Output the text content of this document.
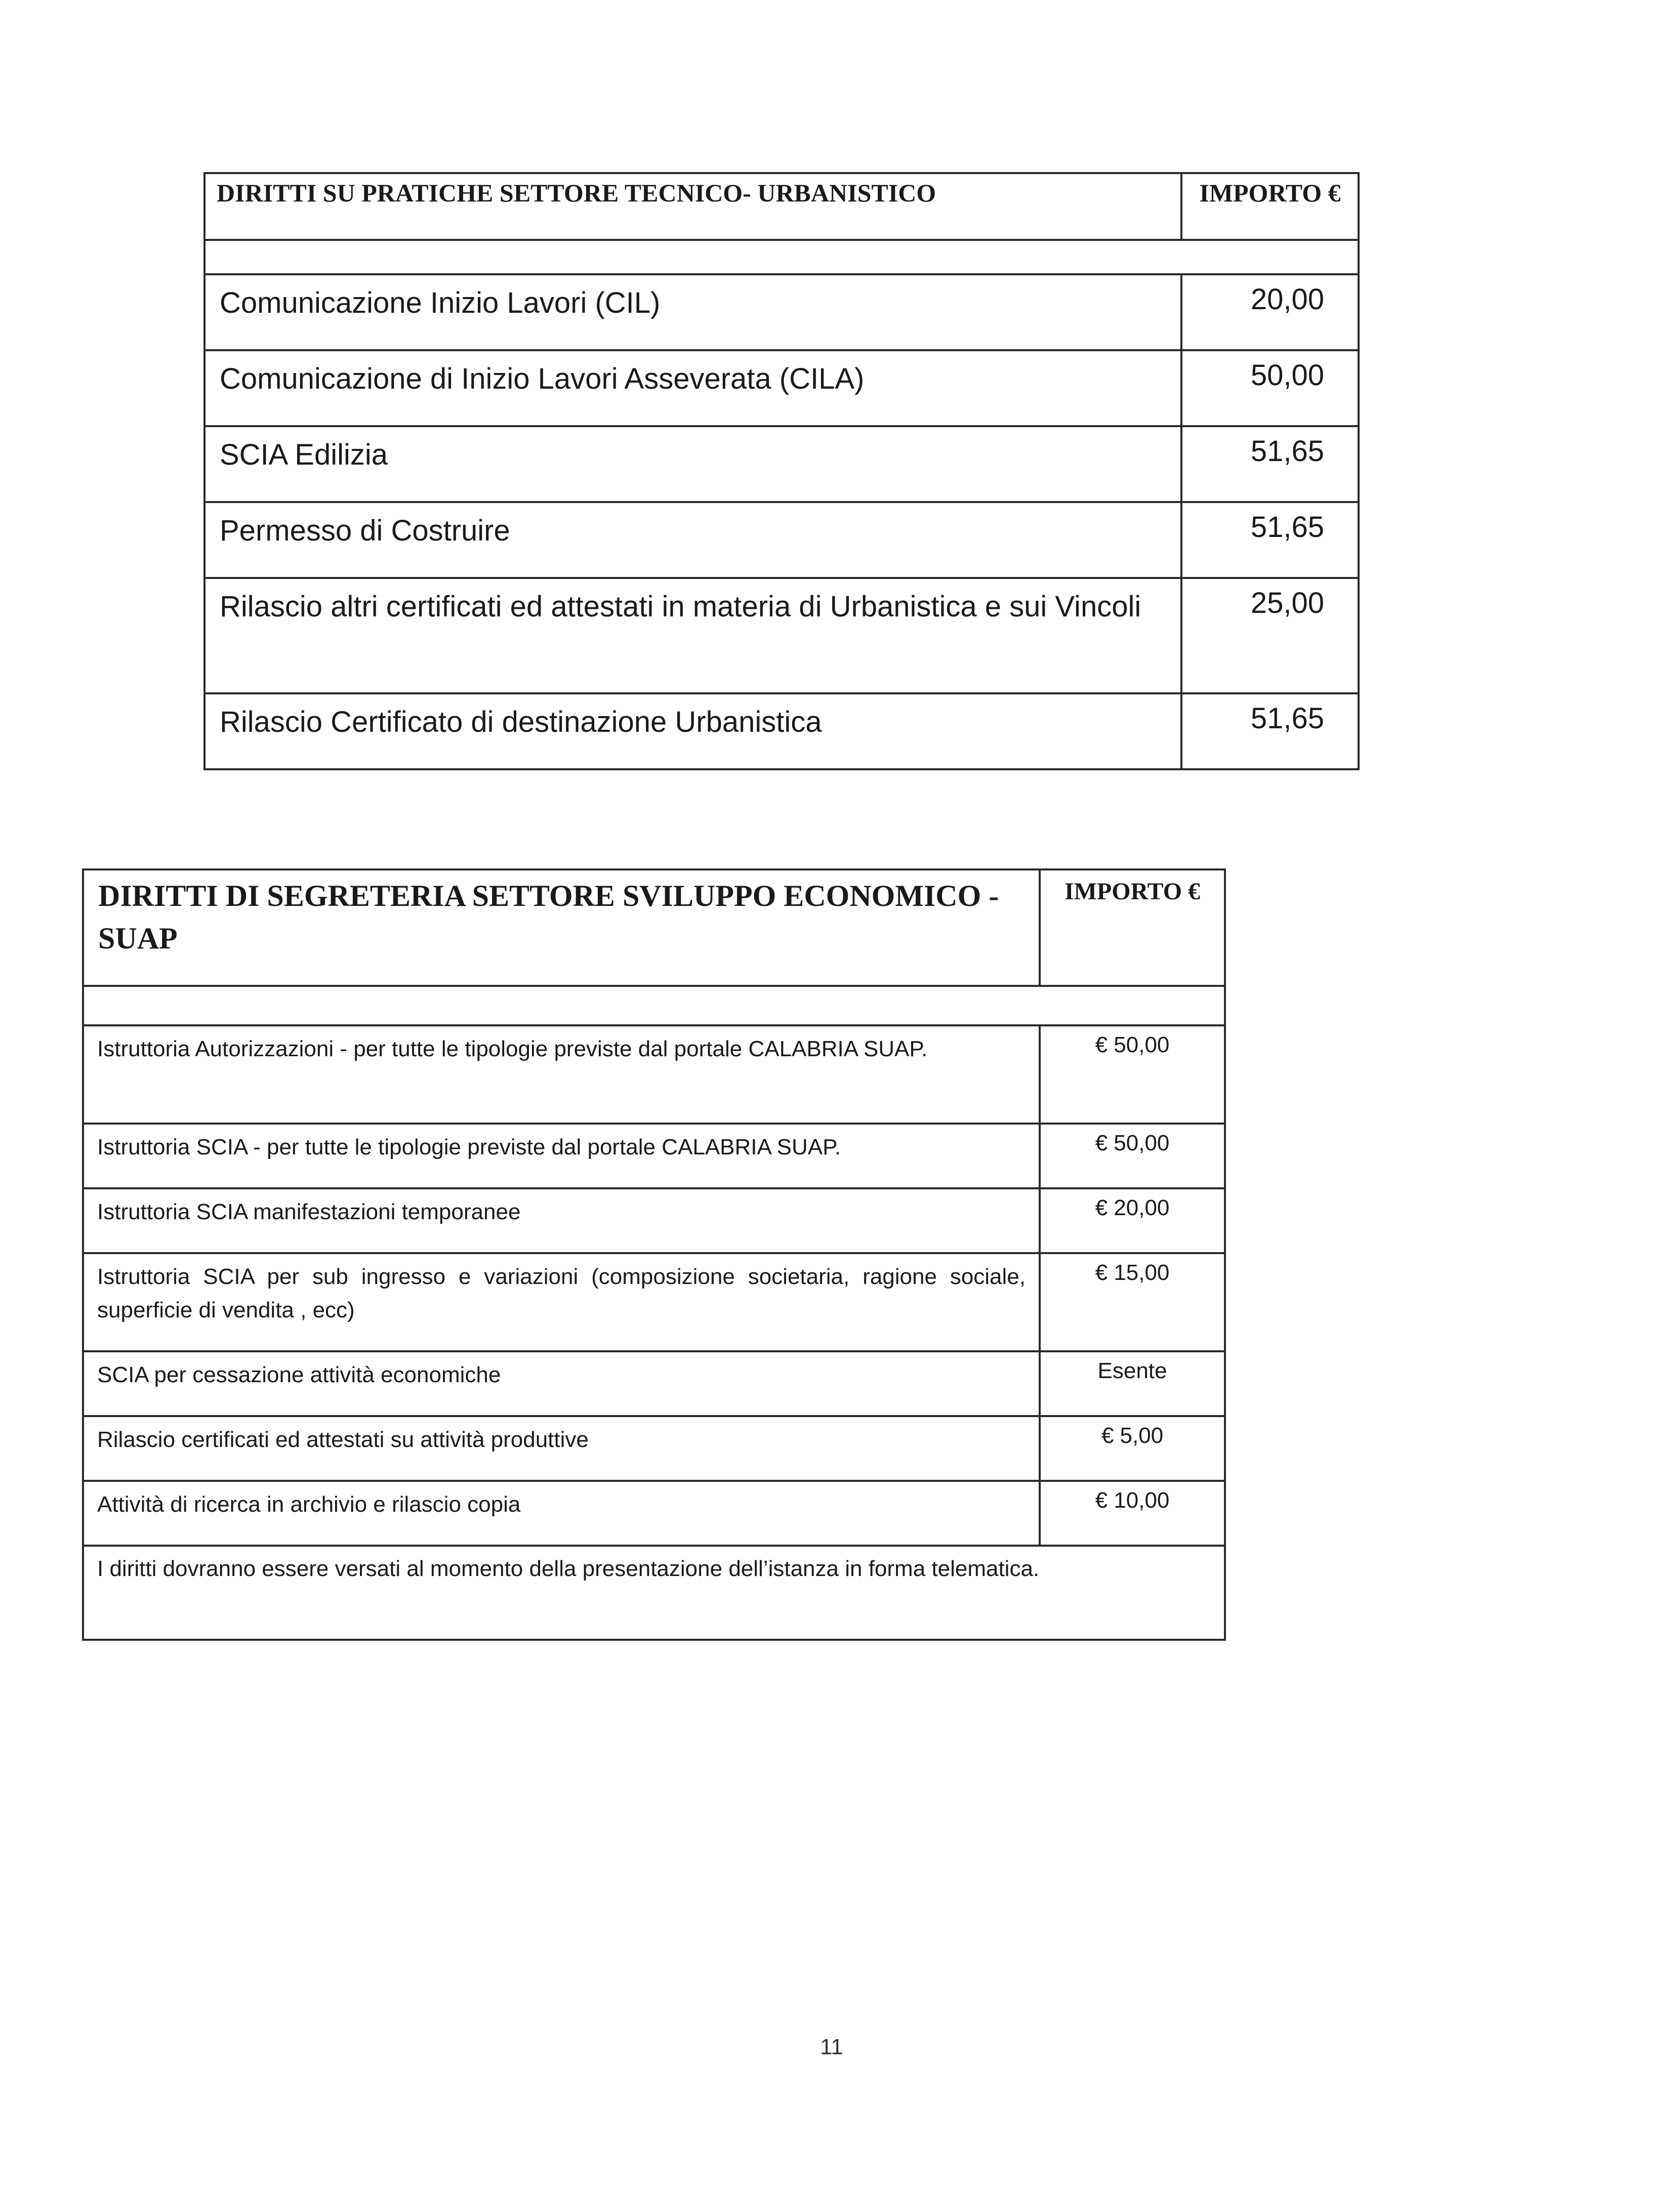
DIRITTI SU PRATICHE SETTORE TECNICO- URBANISTICO	IMPORTO €

Comunicazione Inizio Lavori (CIL)	20,00
Comunicazione di Inizio Lavori Asseverata (CILA)	50,00
SCIA Edilizia	51,65
Permesso di Costruire	51,65
Rilascio altri certificati ed attestati in materia di Urbanistica e sui Vincoli	25,00
Rilascio Certificato di destinazione Urbanistica	51,65
DIRITTI DI SEGRETERIA SETTORE SVILUPPO ECONOMICO - SUAP	IMPORTO €

Istruttoria Autorizzazioni - per tutte le tipologie previste dal portale CALABRIA SUAP.	€ 50,00
Istruttoria SCIA - per tutte le tipologie previste dal portale CALABRIA SUAP.	€ 50,00
Istruttoria SCIA manifestazioni temporanee	€ 20,00
Istruttoria SCIA per sub ingresso e variazioni (composizione societaria, ragione sociale, superficie di vendita , ecc)	€ 15,00
SCIA per cessazione attività economiche	Esente
Rilascio certificati ed attestati su attività produttive	€ 5,00
Attività di ricerca in archivio e rilascio copia	€ 10,00
I diritti dovranno essere versati al momento della presentazione dell’istanza in forma telematica.	
11
